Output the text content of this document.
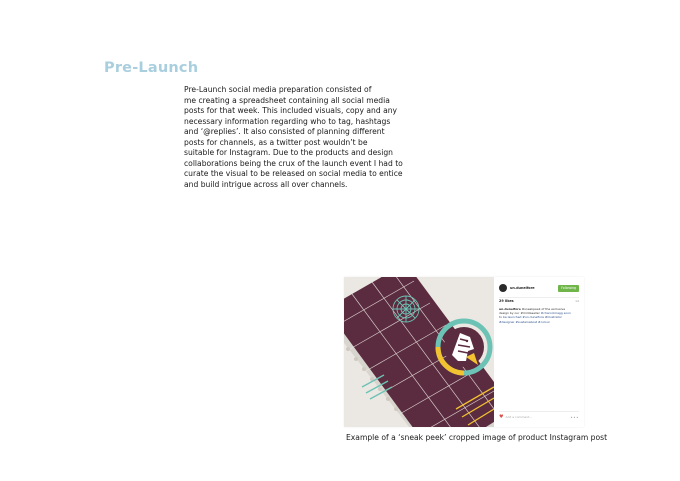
Pre-Launch
Pre-Launch social media preparation consisted of
me creating a spreadsheet containing all social media
posts for that week. This included visuals, copy and any
necessary information regarding who to tag, hashtags
and ‘@replies’. It also consisted of planning different
posts for channels, as a twitter post wouldn’t be
suitable for Instagram. Due to the products and design
collaborations being the crux of the launch event I had to
curate the visual to be released on social media to entice
and build intrigue across all over channels.
un.dunelfore	Following
29 likes	1d
un.dunelfore #sneakpeek of the exclusive design by our #mintaseller #charcolmagg soon to be launched #un.dunelfore #illustrator #designer #sustainabost #colour
♥ Add a comment...	•••
Example of a ‘sneak peek’ cropped image of product Instagram post
